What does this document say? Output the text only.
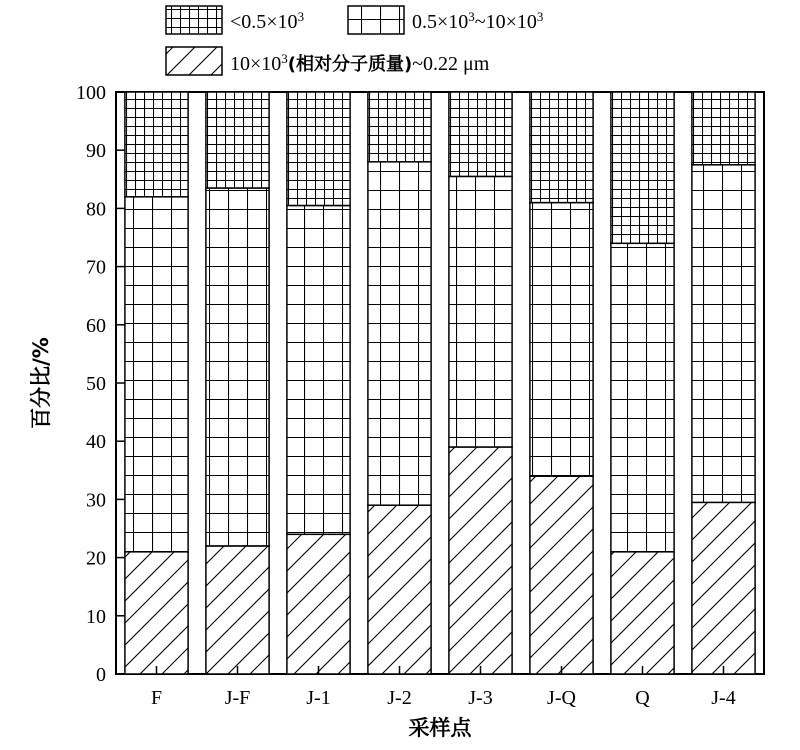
$<0.5\times 10^3$	$0.5\times 10^3\sim 10\times 10^3$
$10\times 10^3$(相对分子质量)~0.22 μm
0
10
20
30
40
50
60
70
80
90
100
F	J-F	J-1	J-2	J-3	J-Q	Q	J-4
百分比/%
采样点
